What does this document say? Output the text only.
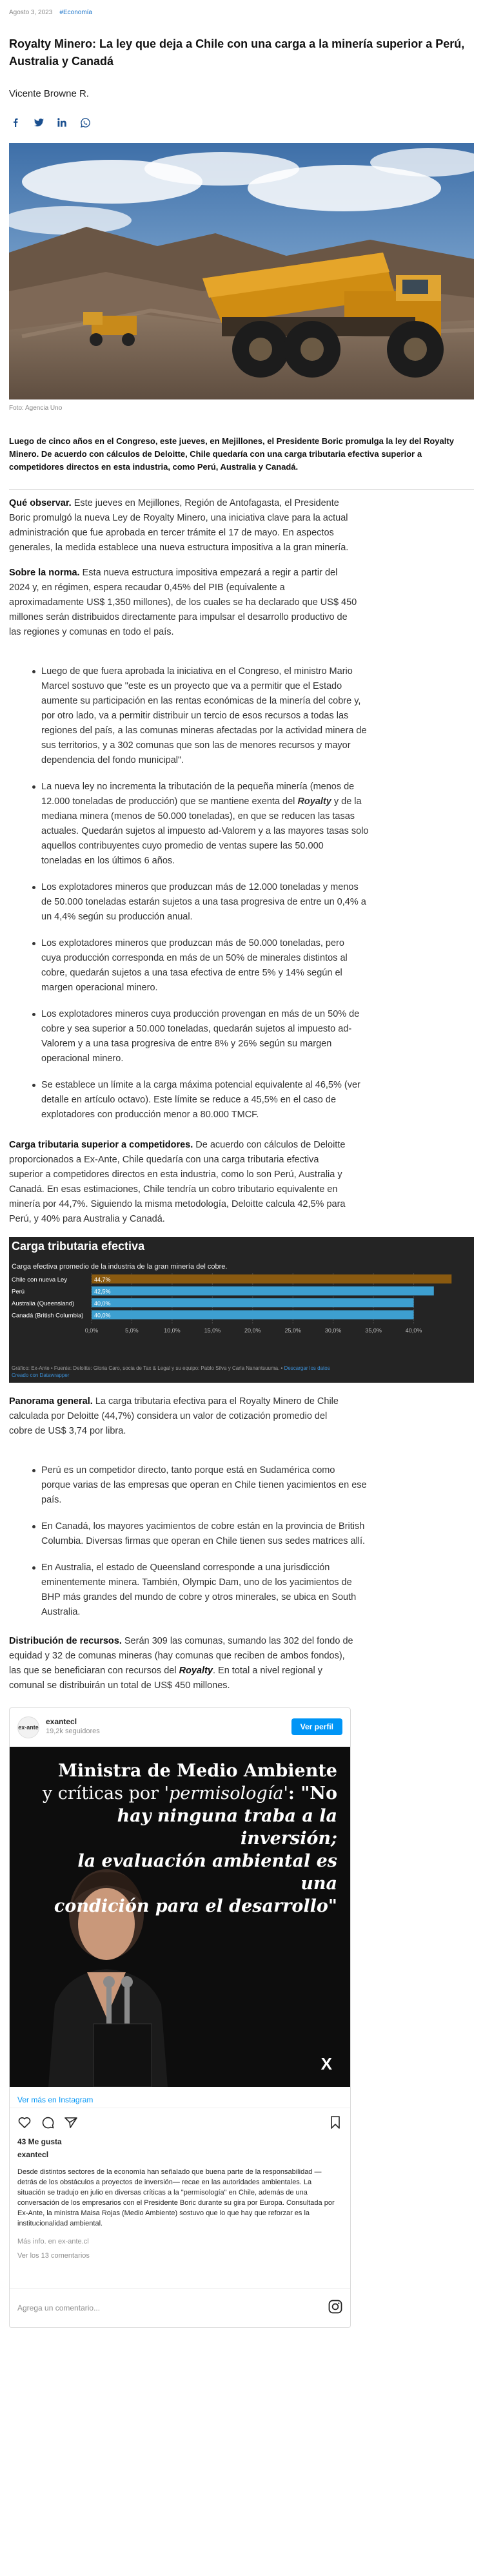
Agosto 3, 2023 #Economía
Royalty Minero: La ley que deja a Chile con una carga a la minería superior a Perú, Australia y Canadá
Vicente Browne R.
Foto: Agencia Uno
Luego de cinco años en el Congreso, este jueves, en Mejillones, el Presidente Boric promulga la ley del Royalty Minero. De acuerdo con cálculos de Deloitte, Chile quedaría con una carga tributaria efectiva superior a competidores directos en esta industria, como Perú, Australia y Canadá.

Qué observar. Este jueves en Mejillones, Región de Antofagasta, el Presidente
Boric promulgó la nueva Ley de Royalty Minero, una iniciativa clave para la actual
administración que fue aprobada en tercer trámite el 17 de mayo. En aspectos
generales, la medida establece una nueva estructura impositiva a la gran minería.

Sobre la norma. Esta nueva estructura impositiva empezará a regir a partir del
2024 y, en régimen, espera recaudar 0,45% del PIB (equivalente a
aproximadamente US$ 1,350 millones), de los cuales se ha declarado que US$ 450
millones serán distribuidos directamente para impulsar el desarrollo productivo de
las regiones y comunas en todo el país.

Luego de que fuera aprobada la iniciativa en el Congreso, el ministro Mario
Marcel sostuvo que "este es un proyecto que va a permitir que el Estado
aumente su participación en las rentas económicas de la minería del cobre y,
por otro lado, va a permitir distribuir un tercio de esos recursos a todas las
regiones del país, a las comunas mineras afectadas por la actividad minera de
sus territorios, y a 302 comunas que son las de menores recursos y mayor
dependencia del fondo municipal".
La nueva ley no incrementa la tributación de la pequeña minería (menos de
12.000 toneladas de producción) que se mantiene exenta del Royalty y de la
mediana minera (menos de 50.000 toneladas), en que se reducen las tasas
actuales. Quedarán sujetos al impuesto ad-Valorem y a las mayores tasas solo
aquellos contribuyentes cuyo promedio de ventas supere las 50.000
toneladas en los últimos 6 años.
Los explotadores mineros que produzcan más de 12.000 toneladas y menos
de 50.000 toneladas estarán sujetos a una tasa progresiva de entre un 0,4% a
un 4,4% según su producción anual.
Los explotadores mineros que produzcan más de 50.000 toneladas, pero
cuya producción corresponda en más de un 50% de minerales distintos al
cobre, quedarán sujetos a una tasa efectiva de entre 5% y 14% según el
margen operacional minero.
Los explotadores mineros cuya producción provengan en más de un 50% de
cobre y sea superior a 50.000 toneladas, quedarán sujetos al impuesto ad-
Valorem y a una tasa progresiva de entre 8% y 26% según su margen
operacional minero.
Se establece un límite a la carga máxima potencial equivalente al 46,5% (ver
detalle en artículo octavo). Este límite se reduce a 45,5% en el caso de
explotadores con producción menor a 80.000 TMCF.

Carga tributaria superior a competidores. De acuerdo con cálculos de Deloitte
proporcionados a Ex-Ante, Chile quedaría con una carga tributaria efectiva
superior a competidores directos en esta industria, como lo son Perú, Australia y
Canadá. En esas estimaciones, Chile tendría un cobro tributario equivalente en
minería por 44,7%. Siguiendo la misma metodología, Deloitte calcula 42,5% para
Perú, y 40% para Australia y Canadá.

Carga tributaria efectiva
Carga efectiva promedio de la industria de la gran minería del cobre.
0,0%	5,0%	10,0%	15,0%	20,0%	25,0%	30,0%	35,0%	40,0%
Chile con nueva Ley	44,7%
Perú	42,5%
Australia (Queensland)	40,0%
Canadá (British Columbia) 40,0%
Gráfico: Ex-Ante • Fuente: Deloitte: Gloria Caro, socia de Tax & Legal y su equipo: Pablo Silva y Carla Nanantsuuma. • Descargar los datos
Creado con Datawrapper

Panorama general. La carga tributaria efectiva para el Royalty Minero de Chile
calculada por Deloitte (44,7%) considera un valor de cotización promedio del
cobre de US$ 3,74 por libra.

Perú es un competidor directo, tanto porque está en Sudamérica como
porque varias de las empresas que operan en Chile tienen yacimientos en ese
país.
En Canadá, los mayores yacimientos de cobre están en la provincia de British
Columbia. Diversas firmas que operan en Chile tienen sus sedes matrices allí.
En Australia, el estado de Queensland corresponde a una jurisdicción
eminentemente minera. También, Olympic Dam, uno de los yacimientos de
BHP más grandes del mundo de cobre y otros minerales, se ubica en South
Australia.

Distribución de recursos. Serán 309 las comunas, sumando las 302 del fondo de
equidad y 32 de comunas mineras (hay comunas que reciben de ambos fondos),
las que se beneficiaran con recursos del Royalty. En total a nivel regional y
comunal se distribuirán un total de US$ 450 millones.

ex-ante
exantecl
19,2k seguidores	Ver perfil
Ministra de Medio Ambiente
y críticas por 'permisología': "No
hay ninguna traba a la inversión;
la evaluación ambiental es una
condición para el desarrollo"
X
Ver más en Instagram
43 Me gusta
exantecl
Desde distintos sectores de la economía han señalado que buena parte de la responsabilidad —detrás de los obstáculos a proyectos de inversión— recae en las autoridades ambientales. La situación se tradujo en julio en diversas críticas a la "permisología" en Chile, además de una conversación de los empresarios con el Presidente Boric durante su gira por Europa. Consultada por Ex-Ante, la ministra Maisa Rojas (Medio Ambiente) sostuvo que lo que hay que reforzar es la institucionalidad ambiental.
Más info. en ex-ante.cl
Ver los 13 comentarios
Agrega un comentario...
